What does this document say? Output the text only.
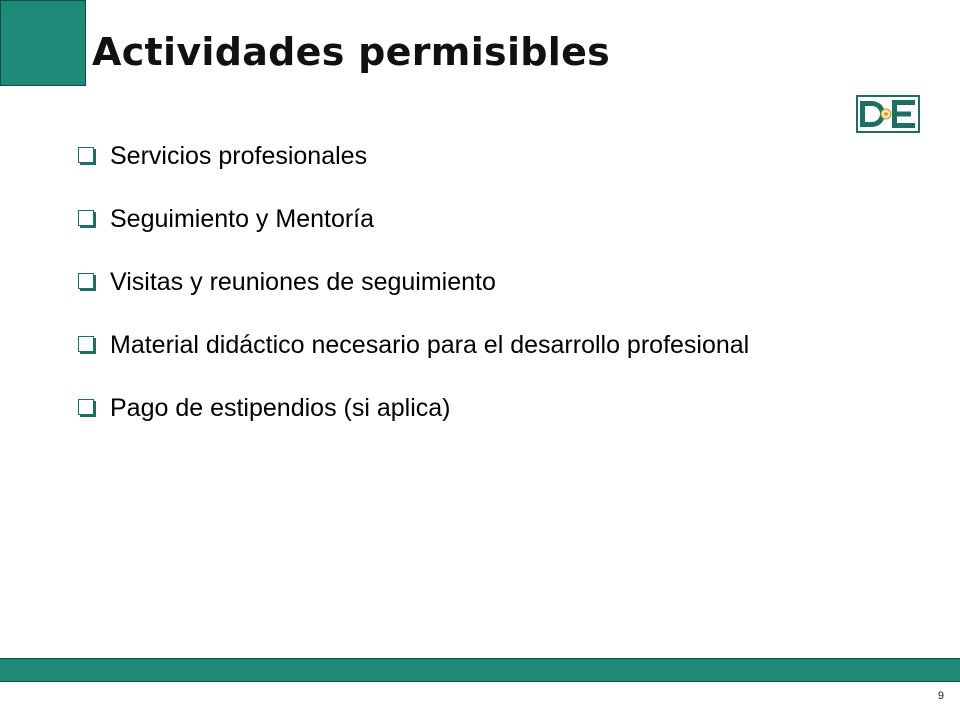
Actividades permisibles
Servicios profesionales
Seguimiento y Mentoría
Visitas y reuniones de seguimiento
Material didáctico necesario para el desarrollo profesional
Pago de estipendios (si aplica)
9
